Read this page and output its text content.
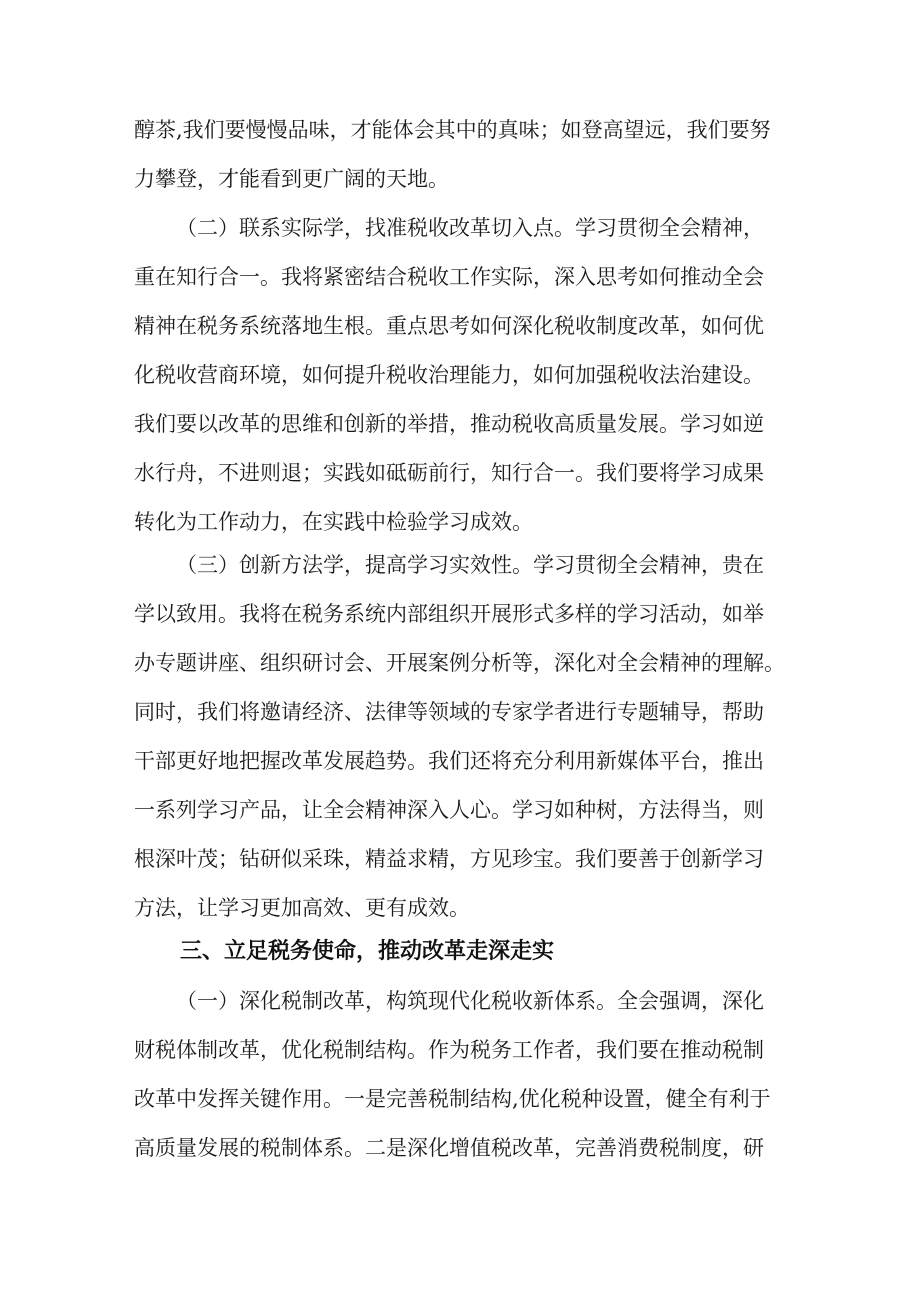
醇茶,我们要慢慢品味，才能体会其中的真味；如登高望远，我们要努
力攀登，才能看到更广阔的天地。
（二）联系实际学，找准税收改革切入点。学习贯彻全会精神，
重在知行合一。我将紧密结合税收工作实际，深入思考如何推动全会
精神在税务系统落地生根。重点思考如何深化税收制度改革，如何优
化税收营商环境，如何提升税收治理能力，如何加强税收法治建设。
我们要以改革的思维和创新的举措，推动税收高质量发展。学习如逆
水行舟，不进则退；实践如砥砺前行，知行合一。我们要将学习成果
转化为工作动力，在实践中检验学习成效。
（三）创新方法学，提高学习实效性。学习贯彻全会精神，贵在
学以致用。我将在税务系统内部组织开展形式多样的学习活动，如举
办专题讲座、组织研讨会、开展案例分析等，深化对全会精神的理解。
同时，我们将邀请经济、法律等领域的专家学者进行专题辅导，帮助
干部更好地把握改革发展趋势。我们还将充分利用新媒体平台，推出
一系列学习产品，让全会精神深入人心。学习如种树，方法得当，则
根深叶茂；钻研似采珠，精益求精，方见珍宝。我们要善于创新学习
方法，让学习更加高效、更有成效。
三、立足税务使命，推动改革走深走实
（一）深化税制改革，构筑现代化税收新体系。全会强调，深化
财税体制改革，优化税制结构。作为税务工作者，我们要在推动税制
改革中发挥关键作用。一是完善税制结构,优化税种设置，健全有利于
高质量发展的税制体系。二是深化增值税改革，完善消费税制度，研
